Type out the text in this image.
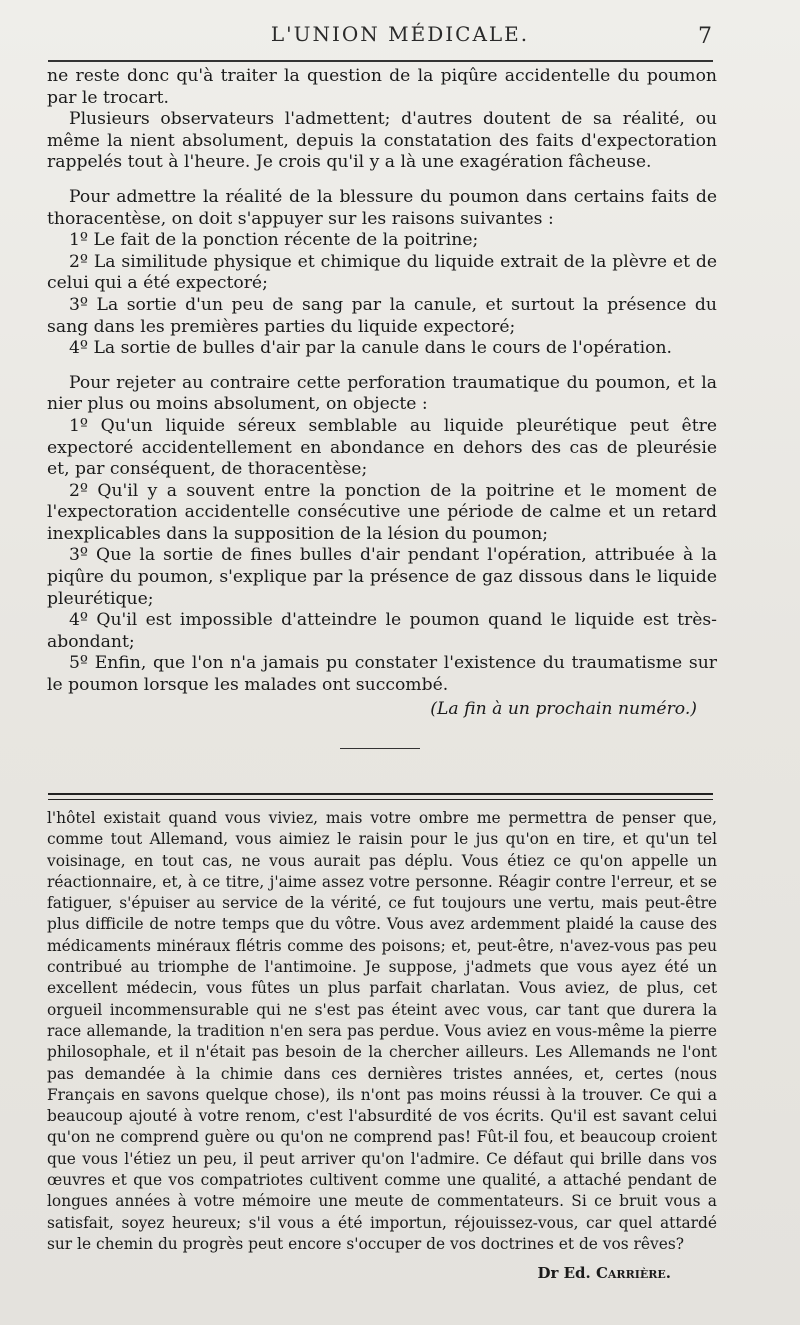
L'UNION MÉDICALE.	7

ne reste donc qu'à traiter la question de la piqûre accidentelle du poumon par le trocart.

Plusieurs observateurs l'admettent; d'autres doutent de sa réalité, ou même la nient absolument, depuis la constatation des faits d'expectoration rappelés tout à l'heure. Je crois qu'il y a là une exagération fâcheuse.

Pour admettre la réalité de la blessure du poumon dans certains faits de thoracentèse, on doit s'appuyer sur les raisons suivantes :

1º Le fait de la ponction récente de la poitrine;

2º La similitude physique et chimique du liquide extrait de la plèvre et de celui qui a été expectoré;

3º La sortie d'un peu de sang par la canule, et surtout la présence du sang dans les premières parties du liquide expectoré;

4º La sortie de bulles d'air par la canule dans le cours de l'opération.

Pour rejeter au contraire cette perforation traumatique du poumon, et la nier plus ou moins absolument, on objecte :

1º Qu'un liquide séreux semblable au liquide pleurétique peut être expectoré accidentellement en abondance en dehors des cas de pleurésie et, par conséquent, de thoracentèse;

2º Qu'il y a souvent entre la ponction de la poitrine et le moment de l'expectoration accidentelle consécutive une période de calme et un retard inexplicables dans la supposition de la lésion du poumon;

3º Que la sortie de fines bulles d'air pendant l'opération, attribuée à la piqûre du poumon, s'explique par la présence de gaz dissous dans le liquide pleurétique;

4º Qu'il est impossible d'atteindre le poumon quand le liquide est très-abondant;

5º Enfin, que l'on n'a jamais pu constater l'existence du traumatisme sur le poumon lorsque les malades ont succombé.

(La fin à un prochain numéro.)

l'hôtel existait quand vous viviez, mais votre ombre me permettra de penser que, comme tout Allemand, vous aimiez le raisin pour le jus qu'on en tire, et qu'un tel voisinage, en tout cas, ne vous aurait pas déplu. Vous étiez ce qu'on appelle un réactionnaire, et, à ce titre, j'aime assez votre personne. Réagir contre l'erreur, et se fatiguer, s'épuiser au service de la vérité, ce fut toujours une vertu, mais peut-être plus difficile de notre temps que du vôtre. Vous avez ardemment plaidé la cause des médicaments minéraux flétris comme des poisons; et, peut-être, n'avez-vous pas peu contribué au triomphe de l'antimoine. Je suppose, j'admets que vous ayez été un excellent médecin, vous fûtes un plus parfait charlatan. Vous aviez, de plus, cet orgueil incommensurable qui ne s'est pas éteint avec vous, car tant que durera la race allemande, la tradition n'en sera pas perdue. Vous aviez en vous-même la pierre philosophale, et il n'était pas besoin de la chercher ailleurs. Les Allemands ne l'ont pas demandée à la chimie dans ces dernières tristes années, et, certes (nous Français en savons quelque chose), ils n'ont pas moins réussi à la trouver. Ce qui a beaucoup ajouté à votre renom, c'est l'absurdité de vos écrits. Qu'il est savant celui qu'on ne comprend guère ou qu'on ne comprend pas! Fût-il fou, et beaucoup croient que vous l'étiez un peu, il peut arriver qu'on l'admire. Ce défaut qui brille dans vos œuvres et que vos compatriotes cultivent comme une qualité, a attaché pendant de longues années à votre mémoire une meute de commentateurs. Si ce bruit vous a satisfait, soyez heureux; s'il vous a été importun, réjouissez-vous, car quel attardé sur le chemin du progrès peut encore s'occuper de vos doctrines et de vos rêves?

Dr Ed. Carrière.
